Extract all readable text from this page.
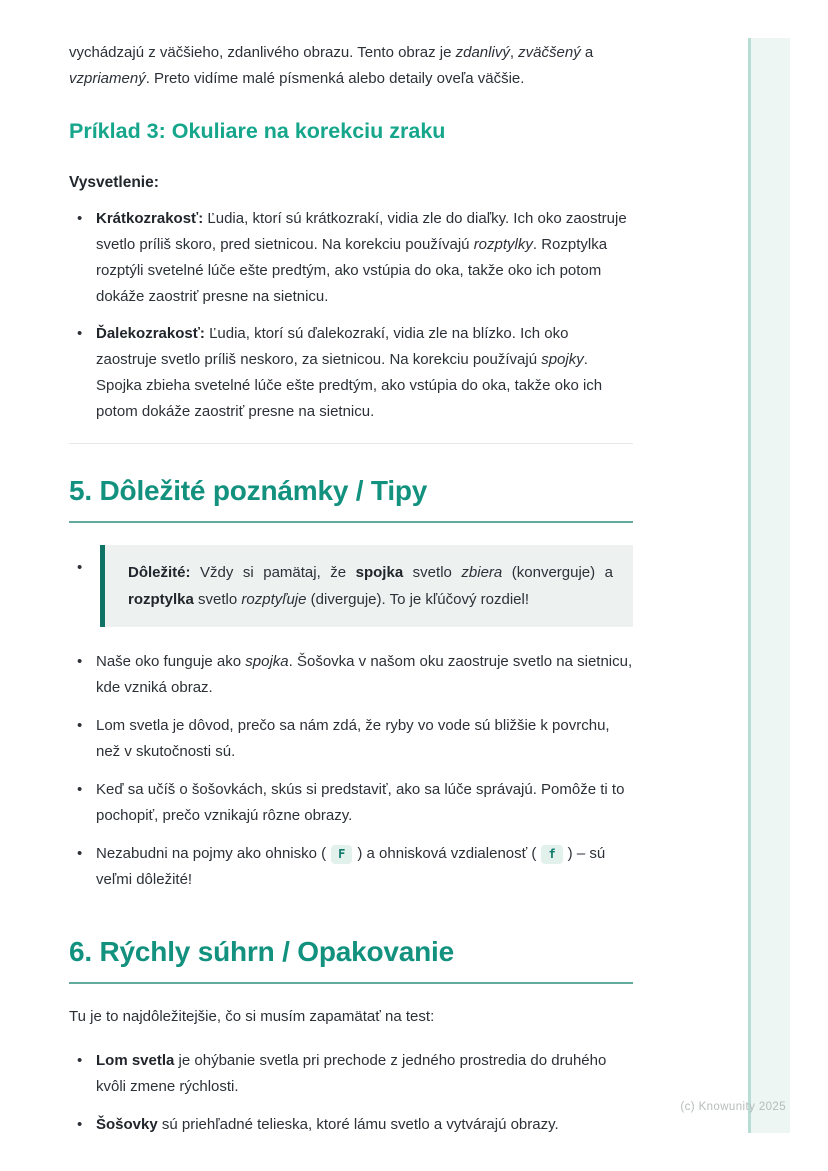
vychádzajú z väčšieho, zdanlivého obrazu. Tento obraz je zdanlivý, zväčšený a vzpriamený. Preto vidíme malé písmenká alebo detaily oveľa väčšie.

Príklad 3: Okuliare na korekciu zraku

Vysvetlenie:

• Krátkozrakosť: Ľudia, ktorí sú krátkozrakí, vidia zle do diaľky. Ich oko zaostruje svetlo príliš skoro, pred sietnicou. Na korekciu používajú rozptylky. Rozptylka rozptýli svetelné lúče ešte predtým, ako vstúpia do oka, takže oko ich potom dokáže zaostriť presne na sietnicu.
• Ďalekozrakosť: Ľudia, ktorí sú ďalekozrakí, vidia zle na blízko. Ich oko zaostruje svetlo príliš neskoro, za sietnicou. Na korekciu používajú spojky. Spojka zbieha svetelné lúče ešte predtým, ako vstúpia do oka, takže oko ich potom dokáže zaostriť presne na sietnicu.
5. Dôležité poznámky / Tipy
• Dôležité: Vždy si pamätaj, že spojka svetlo zbiera (konverguje) a rozptylka svetlo rozptyľuje (diverguje). To je kľúčový rozdiel!
• Naše oko funguje ako spojka. Šošovka v našom oku zaostruje svetlo na sietnicu, kde vzniká obraz.
• Lom svetla je dôvod, prečo sa nám zdá, že ryby vo vode sú bližšie k povrchu, než v skutočnosti sú.
• Keď sa učíš o šošovkách, skús si predstaviť, ako sa lúče správajú. Pomôže ti to pochopiť, prečo vznikajú rôzne obrazy.
• Nezabudni na pojmy ako ohnisko ( F ) a ohnisková vzdialenosť ( f ) – sú veľmi dôležité!
6. Rýchly súhrn / Opakovanie

Tu je to najdôležitejšie, čo si musím zapamätať na test:

• Lom svetla je ohýbanie svetla pri prechode z jedného prostredia do druhého kvôli zmene rýchlosti.
• Šošovky sú priehľadné telieska, ktoré lámu svetlo a vytvárajú obrazy.
(c) Knowunity 2025
